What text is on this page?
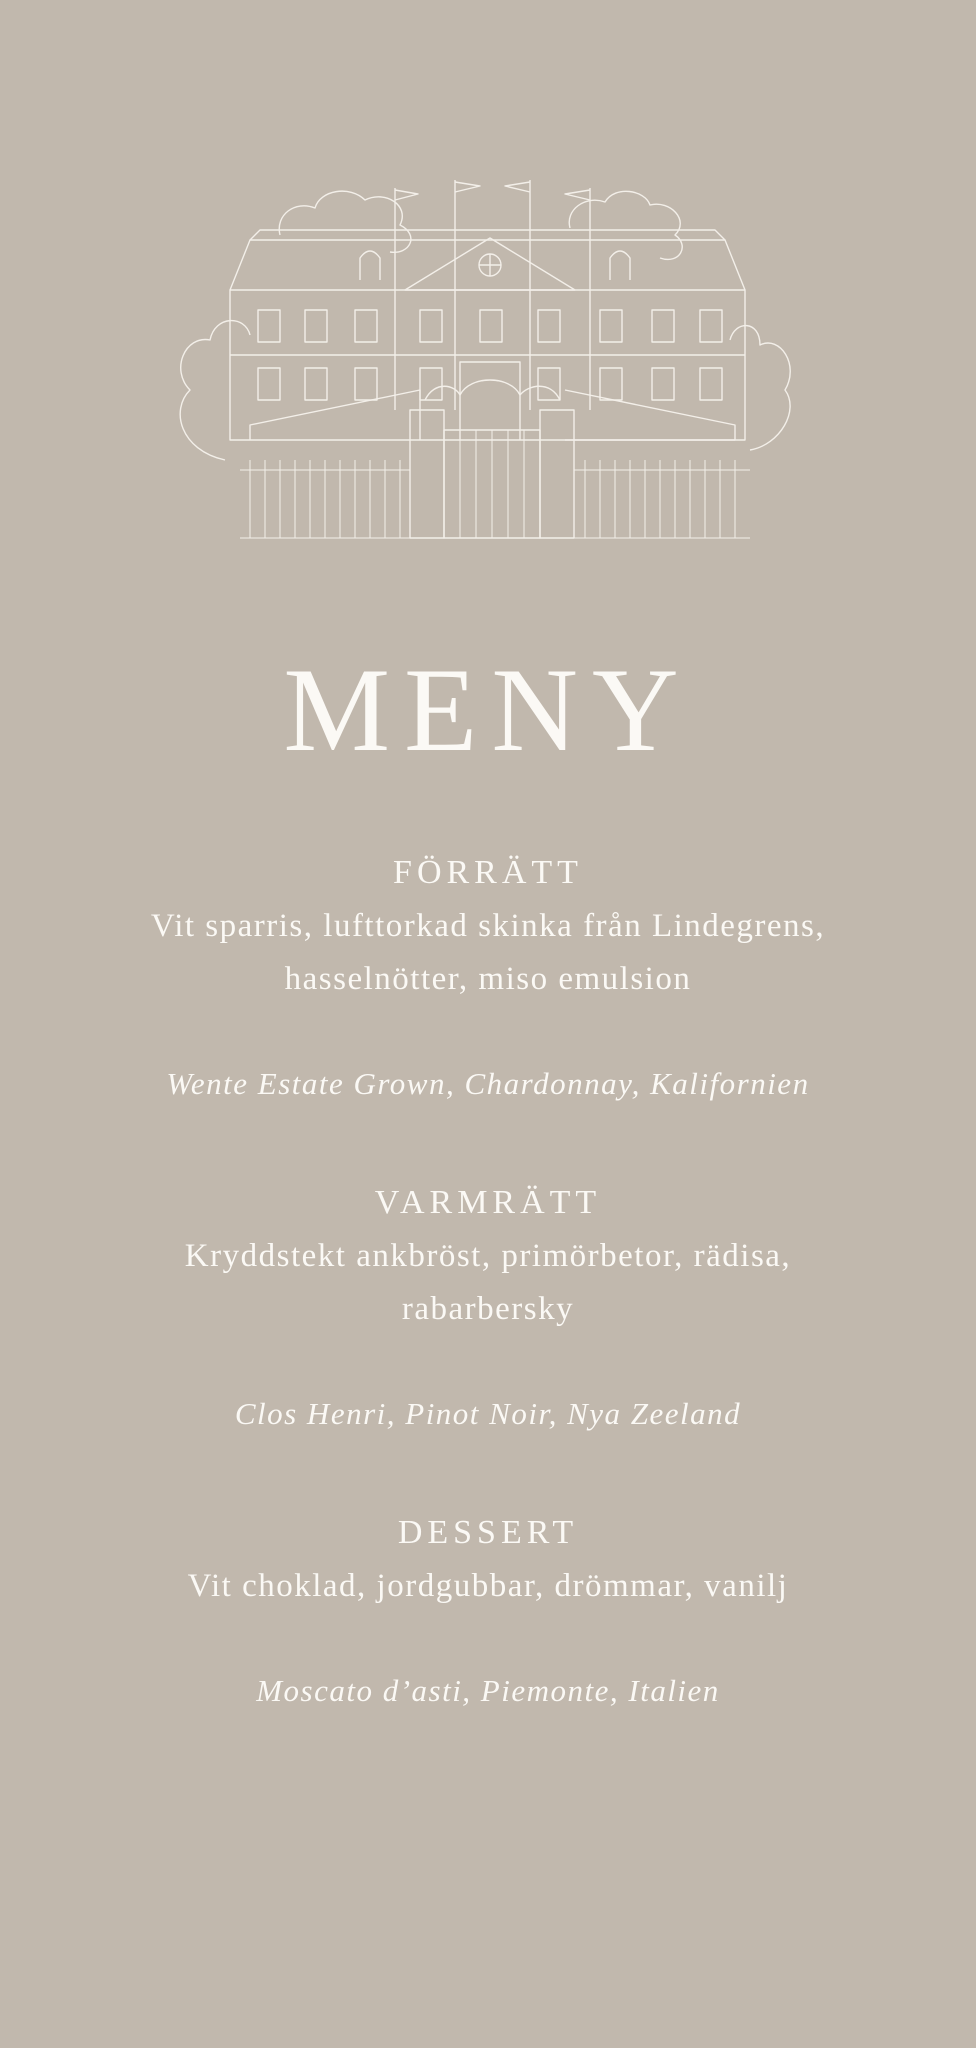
MENY
FÖRRÄTT
Vit sparris, lufttorkad skinka från Lindegrens,
hasselnötter, miso emulsion
Wente Estate Grown, Chardonnay, Kalifornien
VARMRÄTT
Kryddstekt ankbröst, primörbetor, rädisa,
rabarbersky
Clos Henri, Pinot Noir, Nya Zeeland
DESSERT
Vit choklad, jordgubbar, drömmar, vanilj
Moscato d’asti, Piemonte, Italien
